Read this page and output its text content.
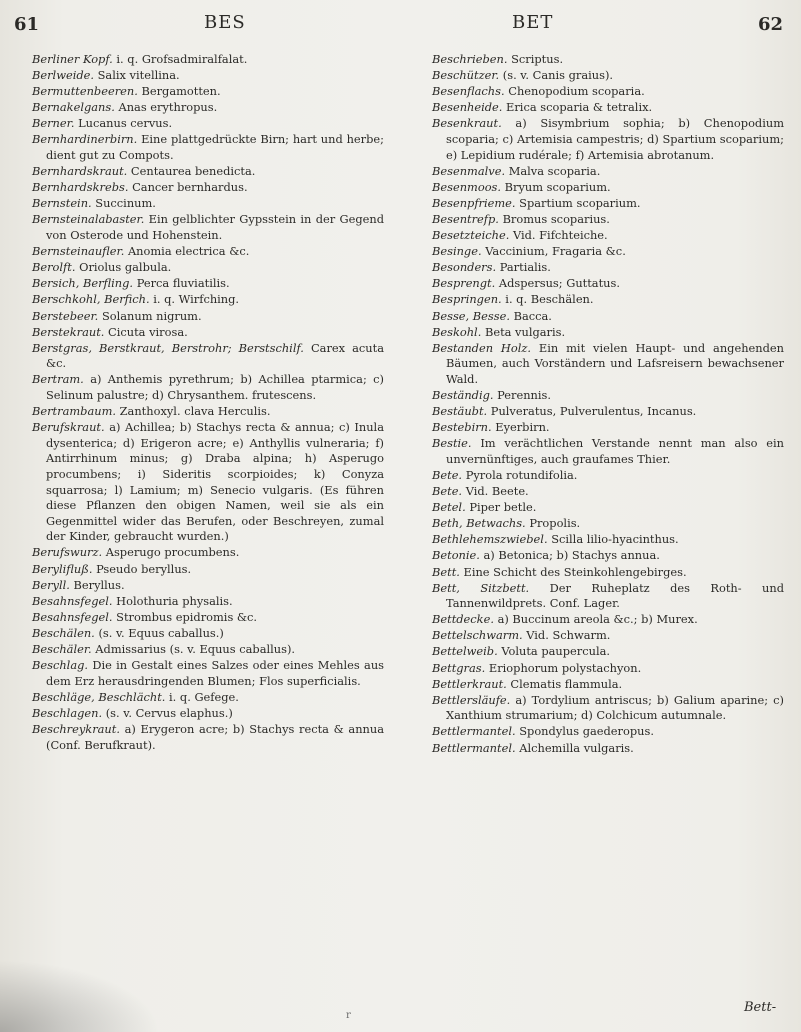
61	BES	BET	62

Berliner Kopf. i. q. Grofsadmiralfalat.

Berlweide. Salix vitellina.

Bermuttenbeeren. Bergamotten.

Bernakelgans. Anas erythropus.

Berner. Lucanus cervus.

Bernhardinerbirn. Eine plattgedrückte Birn; hart und herbe; dient gut zu Compots.

Bernhardskraut. Centaurea benedicta.

Bernhardskrebs. Cancer bernhardus.

Bernstein. Succinum.

Bernsteinalabaster. Ein gelblichter Gypsstein in der Gegend von Osterode und Hohenstein.

Bernsteinaufler. Anomia electrica &c.

Berolft. Oriolus galbula.

Bersich, Berfling. Perca fluviatilis.

Berschkohl, Berfich. i. q. Wirfching.

Berstebeer. Solanum nigrum.

Berstekraut. Cicuta virosa.

Berstgras, Berstkraut, Berstrohr; Berstschilf. Carex acuta &c.

Bertram. a) Anthemis pyrethrum; b) Achillea ptarmica; c) Selinum palustre; d) Chrysanthem. frutescens.

Bertrambaum. Zanthoxyl. clava Herculis.

Berufskraut. a) Achillea; b) Stachys recta & annua; c) Inula dysenterica; d) Erigeron acre; e) Anthyllis vulneraria; f) Antirrhinum minus; g) Draba alpina; h) Asperugo procumbens; i) Sideritis scorpioides; k) Conyza squarrosa; l) Lamium; m) Senecio vulgaris. (Es führen diese Pflanzen den obigen Namen, weil sie als ein Gegenmittel wider das Berufen, oder Beschreyen, zumal der Kinder, gebraucht wurden.)

Berufswurz. Asperugo procumbens.

Berylifluß. Pseudo beryllus.

Beryll. Beryllus.

Besahnsfegel. Holothuria physalis.

Besahnsfegel. Strombus epidromis &c.

Beschälen. (s. v. Equus caballus.)

Beschäler. Admissarius (s. v. Equus caballus).

Beschlag. Die in Gestalt eines Salzes oder eines Mehles aus dem Erz herausdringenden Blumen; Flos superficialis.

Beschläge, Beschlächt. i. q. Gefege.

Beschlagen. (s. v. Cervus elaphus.)

Beschreykraut. a) Erygeron acre; b) Stachys recta & annua (Conf. Berufkraut).

Beschrieben. Scriptus.

Beschützer. (s. v. Canis graius).

Besenflachs. Chenopodium scoparia.

Besenheide. Erica scoparia & tetralix.

Besenkraut. a) Sisymbrium sophia; b) Chenopodium scoparia; c) Artemisia campestris; d) Spartium scoparium; e) Lepidium rudérale; f) Artemisia abrotanum.

Besenmalve. Malva scoparia.

Besenmoos. Bryum scoparium.

Besenpfrieme. Spartium scoparium.

Besentrefp. Bromus scoparius.

Besetzteiche. Vid. Fifchteiche.

Besinge. Vaccinium, Fragaria &c.

Besonders. Partialis.

Besprengt. Adspersus; Guttatus.

Bespringen. i. q. Beschälen.

Besse, Besse. Bacca.

Beskohl. Beta vulgaris.

Bestanden Holz. Ein mit vielen Haupt- und angehenden Bäumen, auch Vorständern und Lafsreisern bewachsener Wald.

Beständig. Perennis.

Bestäubt. Pulveratus, Pulverulentus, Incanus.

Bestebirn. Eyerbirn.

Bestie. Im verächtlichen Verstande nennt man also ein unvernünftiges, auch graufames Thier.

Bete. Pyrola rotundifolia.

Bete. Vid. Beete.

Betel. Piper betle.

Beth, Betwachs. Propolis.

Bethlehemszwiebel. Scilla lilio-hyacinthus.

Betonie. a) Betonica; b) Stachys annua.

Bett. Eine Schicht des Steinkohlengebirges.

Bett, Sitzbett. Der Ruheplatz des Roth- und Tannenwildprets. Conf. Lager.

Bettdecke. a) Buccinum areola &c.; b) Murex.

Bettelschwarm. Vid. Schwarm.

Bettelweib. Voluta paupercula.

Bettgras. Eriophorum polystachyon.

Bettlerkraut. Clematis flammula.

Bettlersläufe. a) Tordylium antriscus; b) Galium aparine; c) Xanthium strumarium; d) Colchicum autumnale.

Bettlermantel. Spondylus gaederopus.

Bettlermantel. Alchemilla vulgaris.

r
Bett-
